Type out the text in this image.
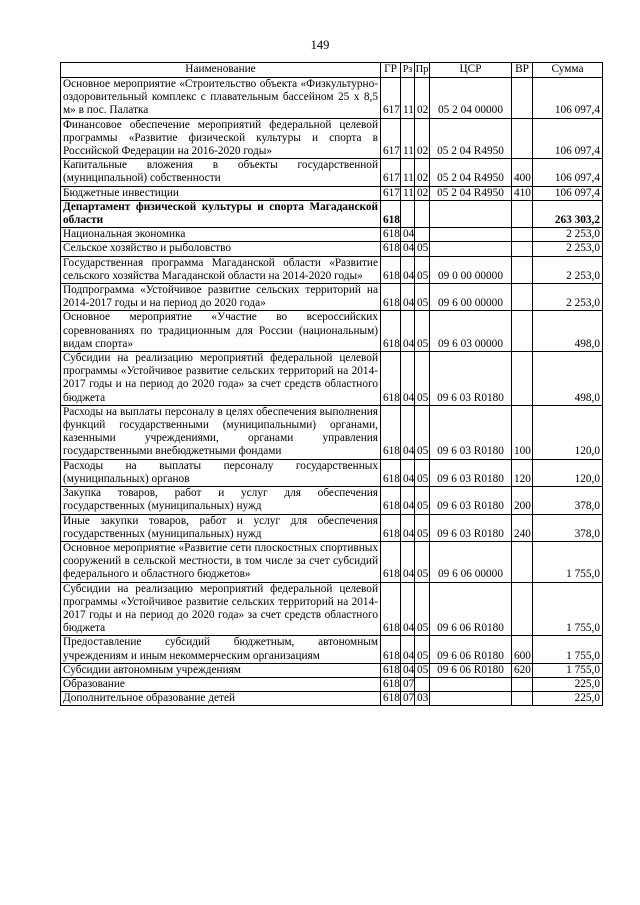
149
Наименование	ГР	Рз	Пр	ЦСР	ВР	Сумма
Основное мероприятие «Строительство объекта «Физкультурно-оздоровительный комплекс с плавательным бассейном 25 х 8,5 м» в пос. Палатка	617	11	02	05 2 04 00000		106 097,4
Финансовое обеспечение мероприятий федеральной целевой программы «Развитие физической культуры и спорта в Российской Федерации на 2016-2020 годы»	617	11	02	05 2 04 R4950		106 097,4
Капитальные вложения в объекты государственной (муниципальной) собственности	617	11	02	05 2 04 R4950	400	106 097,4
Бюджетные инвестиции	617	11	02	05 2 04 R4950	410	106 097,4
Департамент физической культуры и спорта Магаданской области	618					263 303,2
Национальная экономика	618	04				2 253,0
Сельское хозяйство и рыболовство	618	04	05			2 253,0
Государственная программа Магаданской области «Развитие сельского хозяйства Магаданской области на 2014-2020 годы»	618	04	05	09 0 00 00000		2 253,0
Подпрограмма «Устойчивое развитие сельских территорий на 2014-2017 годы и на период до 2020 года»	618	04	05	09 6 00 00000		2 253,0
Основное мероприятие «Участие во всероссийских соревнованиях по традиционным для России (национальным) видам спорта»	618	04	05	09 6 03 00000		498,0
Субсидии на реализацию мероприятий федеральной целевой программы «Устойчивое развитие сельских территорий на 2014-2017 годы и на период до 2020 года» за счет средств областного бюджета	618	04	05	09 6 03 R0180		498,0
Расходы на выплаты персоналу в целях обеспечения выполнения функций государственными (муниципальными) органами, казенными учреждениями, органами управления государственными внебюджетными фондами	618	04	05	09 6 03 R0180	100	120,0
Расходы на выплаты персоналу государственных (муниципальных) органов	618	04	05	09 6 03 R0180	120	120,0
Закупка товаров, работ и услуг для обеспечения государственных (муниципальных) нужд	618	04	05	09 6 03 R0180	200	378,0
Иные закупки товаров, работ и услуг для обеспечения государственных (муниципальных) нужд	618	04	05	09 6 03 R0180	240	378,0
Основное мероприятие «Развитие сети плоскостных спортивных сооружений в сельской местности, в том числе за счет субсидий федерального и областного бюджетов»	618	04	05	09 6 06 00000		1 755,0
Субсидии на реализацию мероприятий федеральной целевой программы «Устойчивое развитие сельских территорий на 2014-2017 годы и на период до 2020 года» за счет средств областного бюджета	618	04	05	09 6 06 R0180		1 755,0
Предоставление субсидий бюджетным, автономным учреждениям и иным некоммерческим организациям	618	04	05	09 6 06 R0180	600	1 755,0
Субсидии автономным учреждениям	618	04	05	09 6 06 R0180	620	1 755,0
Образование	618	07				225,0
Дополнительное образование детей	618	07	03			225,0
